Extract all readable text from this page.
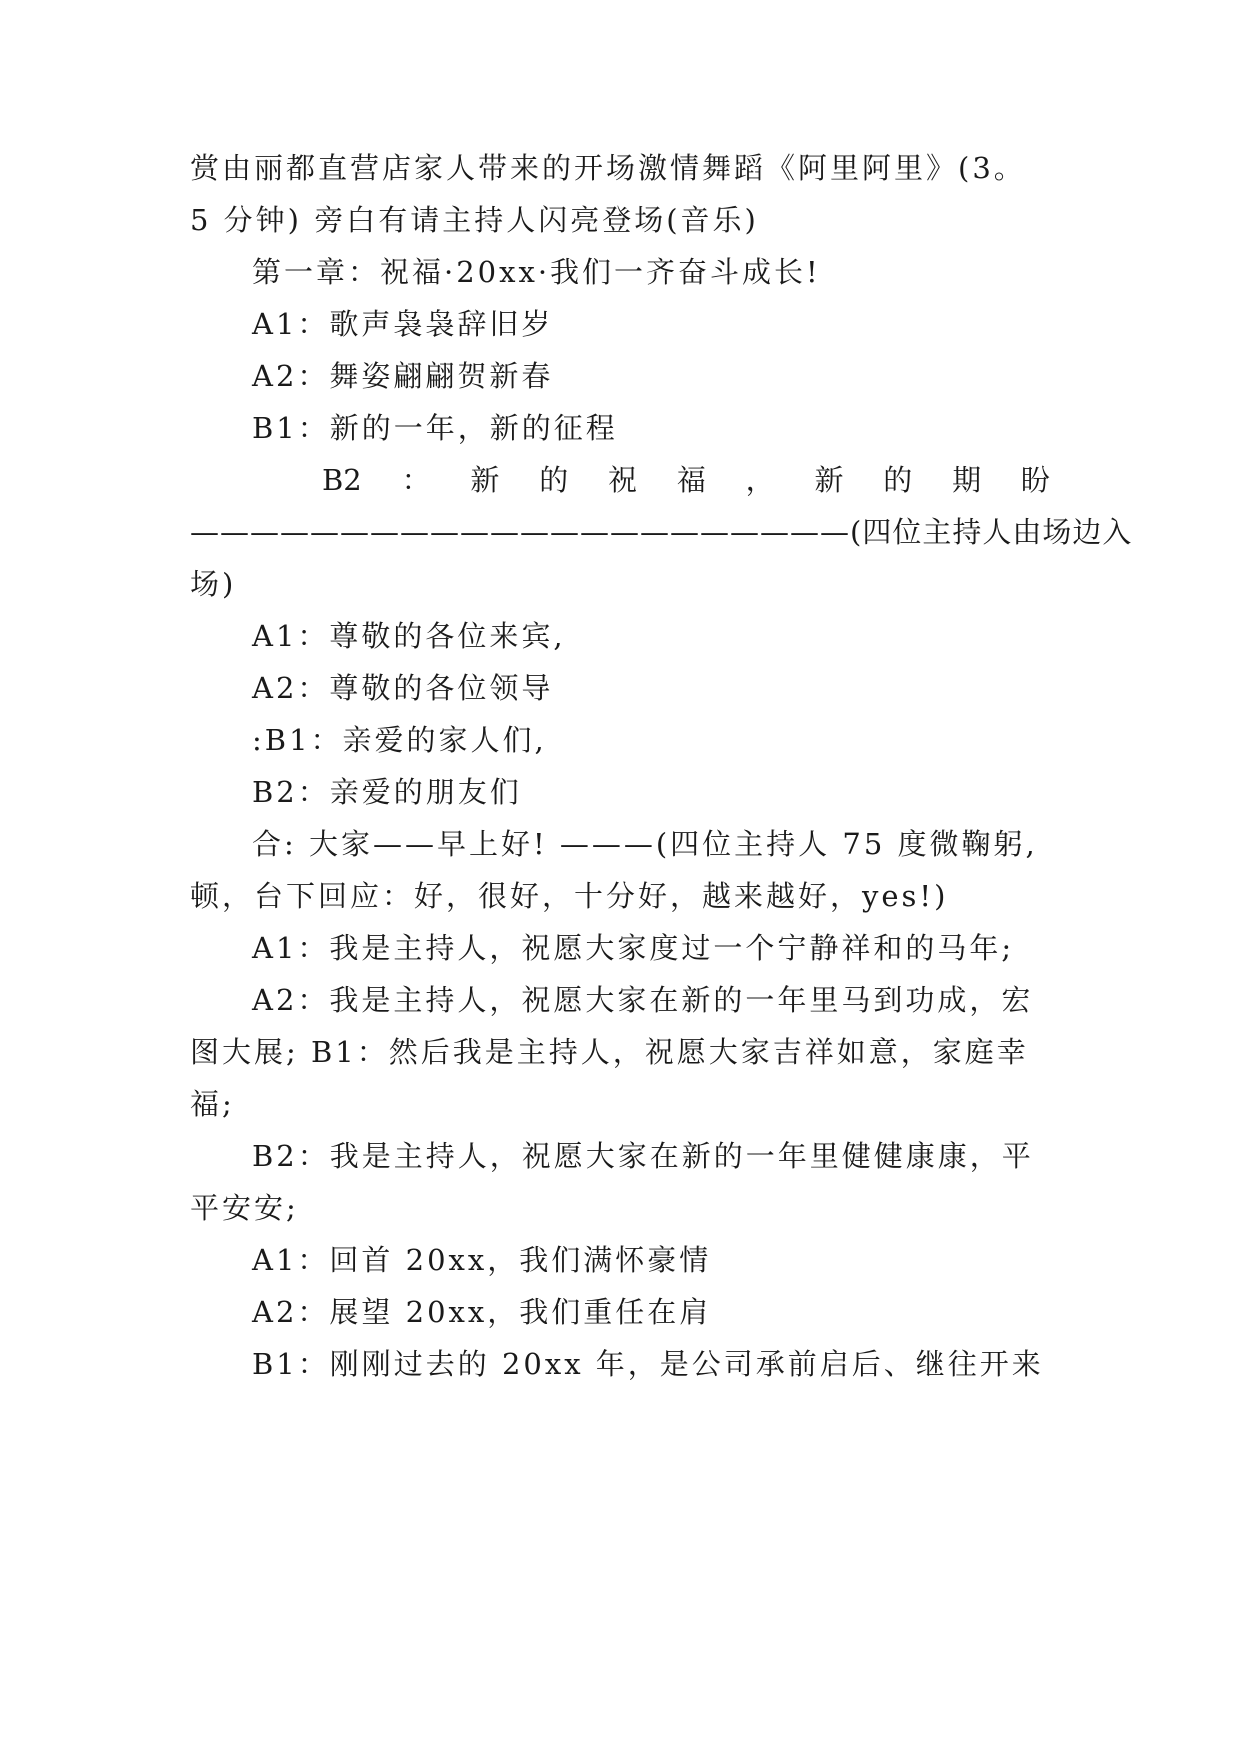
赏由丽都直营店家人带来的开场激情舞蹈《阿里阿里》(3。
5 分钟) 旁白有请主持人闪亮登场(音乐)
第一章：祝福·20xx·我们一齐奋斗成长!
A1：歌声袅袅辞旧岁
A2：舞姿翩翩贺新春
B1：新的一年，新的征程
B2 ： 新 的 祝 福 ， 新 的 期 盼
——————————————————————(四位主持人由场边入
场)
A1：尊敬的各位来宾,
A2：尊敬的各位领导
:B1：亲爱的家人们,
B2：亲爱的朋友们
合: 大家——早上好! ———(四位主持人 75 度微鞠躬,
顿，台下回应：好，很好，十分好，越来越好，yes!)
A1：我是主持人，祝愿大家度过一个宁静祥和的马年;
A2：我是主持人，祝愿大家在新的一年里马到功成，宏
图大展; B1：然后我是主持人，祝愿大家吉祥如意，家庭幸
福;
B2：我是主持人，祝愿大家在新的一年里健健康康，平
平安安;
A1：回首 20xx，我们满怀豪情
A2：展望 20xx，我们重任在肩
B1：刚刚过去的 20xx 年，是公司承前启后、继往开来
